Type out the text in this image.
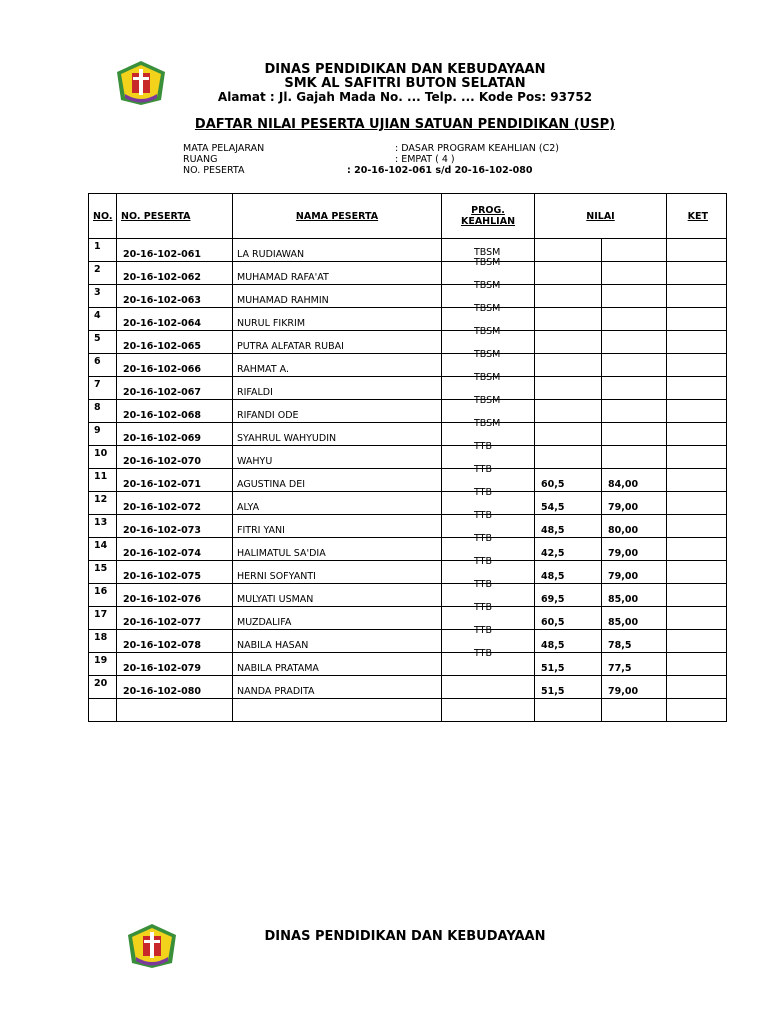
DINAS PENDIDIKAN DAN KEBUDAYAAN
SMK AL SAFITRI BUTON SELATAN
Alamat : Jl. Gajah Mada No. ... Telp. ... Kode Pos: 93752
DAFTAR NILAI PESERTA UJIAN SATUAN PENDIDIKAN (USP)
MATA PELAJARAN	: DASAR PROGRAM KEAHLIAN (C2)
RUANG	: EMPAT ( 4 )
NO. PESERTA	: 20-16-102-061 s/d 20-16-102-080
NO.	NO. PESERTA	NAMA PESERTA	PROG.
KEAHLIAN	NILAI		KET

1	20-16-102-061	LA RUDIAWAN	TBSM			

2	20-16-102-062	MUHAMAD RAFA'AT	TBSM			

3	20-16-102-063	MUHAMAD RAHMIN	TBSM			

4	20-16-102-064	NURUL FIKRIM	TBSM			

5	20-16-102-065	PUTRA ALFATAR RUBAI	TBSM			

6	20-16-102-066	RAHMAT A.	TBSM			

7	20-16-102-067	RIFALDI	TBSM			

8	20-16-102-068	RIFANDI ODE	TBSM			

9	20-16-102-069	SYAHRUL WAHYUDIN	TBSM			

10	20-16-102-070	WAHYU	TTB			

11	20-16-102-071	AGUSTINA DEI	TTB	60,5	84,00	

12	20-16-102-072	ALYA	TTB	54,5	79,00	

13	20-16-102-073	FITRI YANI	TTB	48,5	80,00	

14	20-16-102-074	HALIMATUL SA'DIA	TTB	42,5	79,00	

15	20-16-102-075	HERNI SOFYANTI	TTB	48,5	79,00	

16	20-16-102-076	MULYATI USMAN	TTB	69,5	85,00	

17	20-16-102-077	MUZDALIFA	TTB	60,5	85,00	

18	20-16-102-078	NABILA HASAN	TTB	48,5	78,5	

19	20-16-102-079	NABILA PRATAMA	TTB	51,5	77,5	

20	20-16-102-080	NANDA PRADITA		51,5	79,00	

DINAS PENDIDIKAN DAN KEBUDAYAAN
